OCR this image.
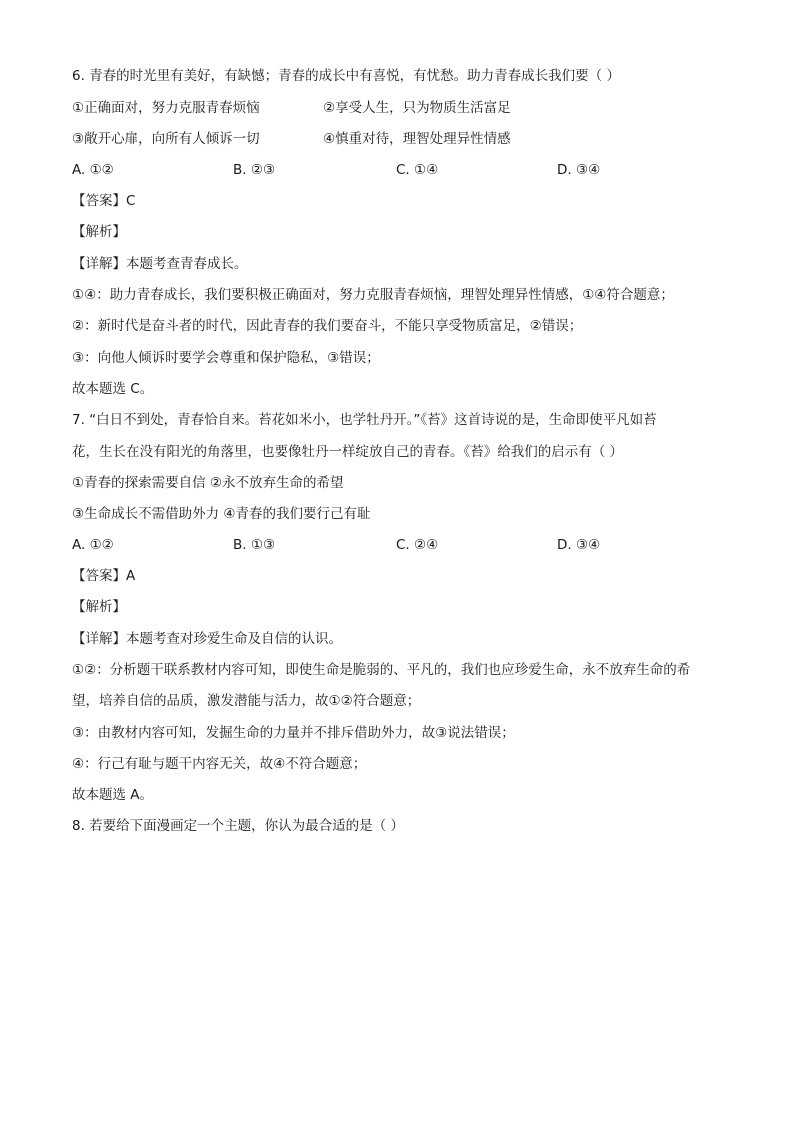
6. 青春的时光里有美好，有缺憾；青春的成长中有喜悦，有忧愁。助力青春成长我们要（ ）
①正确面对，努力克服青春烦恼	②享受人生，只为物质生活富足
③敞开心扉，向所有人倾诉一切	④慎重对待，理智处理异性情感
A. ①②	B. ②③	C. ①④	D. ③④
【答案】C
【解析】
【详解】本题考查青春成长。
①④：助力青春成长，我们要积极正确面对，努力克服青春烦恼，理智处理异性情感，①④符合题意；
②：新时代是奋斗者的时代，因此青春的我们要奋斗，不能只享受物质富足，②错误；
③：向他人倾诉时要学会尊重和保护隐私，③错误；
故本题选 C。
7. “白日不到处，青春恰自来。苔花如米小，也学牡丹开。”《苔》这首诗说的是，生命即使平凡如苔
花，生长在没有阳光的角落里，也要像牡丹一样绽放自己的青春。《苔》给我们的启示有（ ）
①青春的探索需要自信 ②永不放弃生命的希望
③生命成长不需借助外力 ④青春的我们要行己有耻
A. ①②	B. ①③	C. ②④	D. ③④
【答案】A
【解析】
【详解】本题考查对珍爱生命及自信的认识。
①②：分析题干联系教材内容可知，即使生命是脆弱的、平凡的，我们也应珍爱生命，永不放弃生命的希
望，培养自信的品质，激发潜能与活力，故①②符合题意；
③：由教材内容可知，发掘生命的力量并不排斥借助外力，故③说法错误；
④：行己有耻与题干内容无关，故④不符合题意；
故本题选 A。
8. 若要给下面漫画定一个主题，你认为最合适的是（ ）
